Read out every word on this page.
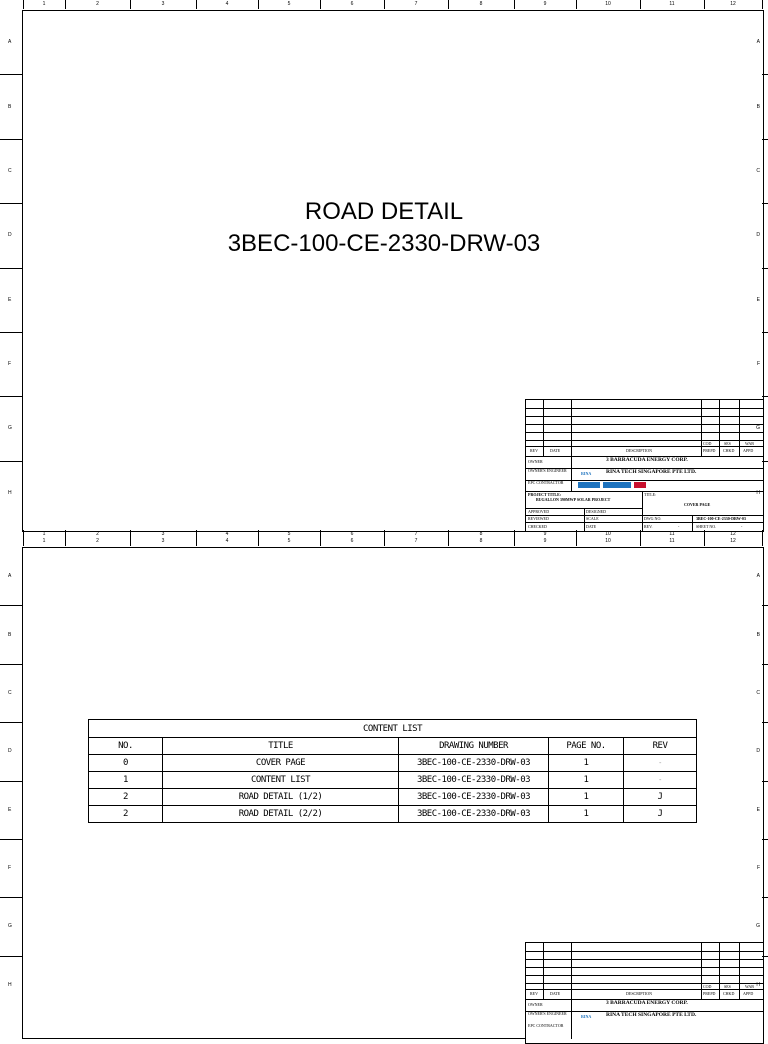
1	2	3	4	5	6	7	8	9	10	11	12
ROAD DETAIL
3BEC-100-CE-2330-DRW-03
COD	SES	WAB
REV	DATE	DESCRIPTION	PREPD CHKD APPD
OWNER	3 BARRACUDA ENERGY CORP.
OWNER'S ENGINEER
RINA	RINA TECH SINGAPORE PTE LTD.
EPC CONTRACTOR
PROJECT TITLE:
BUGALLON 390MWP SOLAR PROJECT
TITLE:
COVER PAGE
APPROVED	DESIGNED
REVIEWED	SCALE	DWG NO.	3BEC-100-CE-2330-DRW-03
CHECKED	DATE	REV.	-	SHEET NO.	-
1	2	3	4	5	6	7	8	9	10	11	12
A	A
B	B
C	C
D	D
E	E
F	F
G	G
H	H
1	2	3	4	5	6	7	8	9	10	11	12
COD	SES	WAB
REV	DATE	DESCRIPTION	PREPD CHKD APPD
OWNER	3 BARRACUDA ENERGY CORP.
OWNER'S ENGINEER
RINA	RINA TECH SINGAPORE PTE LTD.
EPC CONTRACTOR
CONTENT LIST				
NO.	TITLE	DRAWING NUMBER	PAGE NO.	REV
0	COVER PAGE	3BEC-100-CE-2330-DRW-03	1	-
1	CONTENT LIST	3BEC-100-CE-2330-DRW-03	1	-
2	ROAD DETAIL (1/2)	3BEC-100-CE-2330-DRW-03	1	J
2	ROAD DETAIL (2/2)	3BEC-100-CE-2330-DRW-03	1	J
A	A
B	B
C	C
D	D
E	E
F	F
G	G
H	H
